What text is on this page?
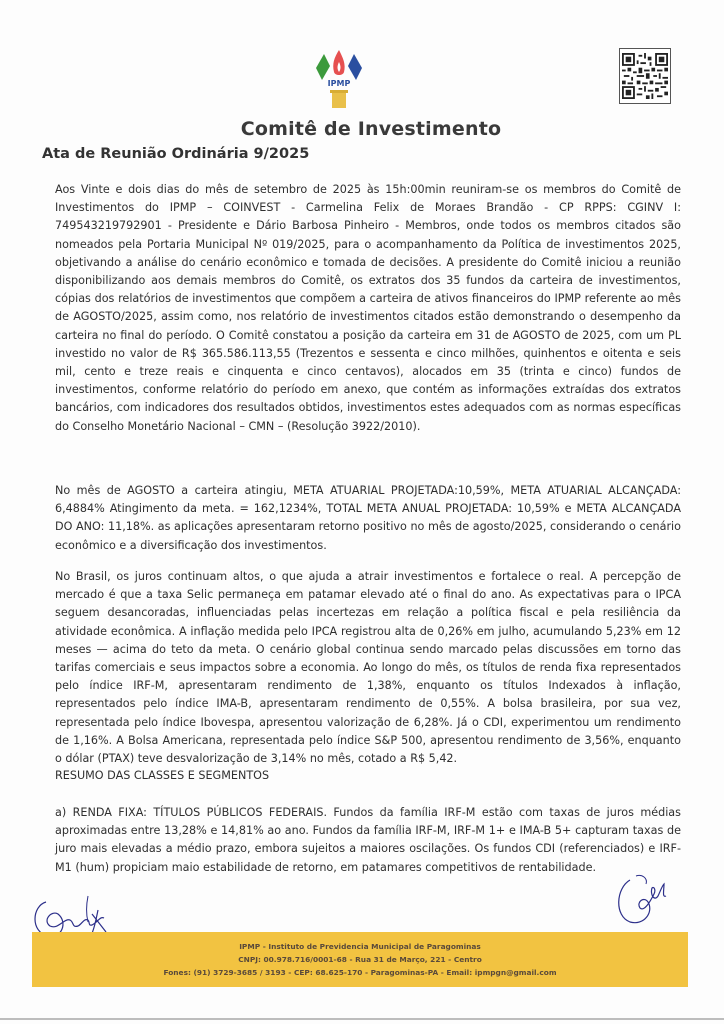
IPMP
Comitê de Investimento
Ata de Reunião Ordinária 9/2025
Aos Vinte e dois dias do mês de setembro de 2025 às 15h:00min reuniram-se os membros do Comitê de Investimentos do IPMP – COINVEST - Carmelina Felix de Moraes Brandão - CP RPPS: CGINV I: 749543219792901 - Presidente e Dário Barbosa Pinheiro - Membros, onde todos os membros citados são nomeados pela Portaria Municipal Nº 019/2025, para o acompanhamento da Política de investimentos 2025, objetivando a análise do cenário econômico e tomada de decisões. A presidente do Comitê iniciou a reunião disponibilizando aos demais membros do Comitê, os extratos dos 35 fundos da carteira de investimentos, cópias dos relatórios de investimentos que compõem a carteira de ativos financeiros do IPMP referente ao mês de AGOSTO/2025, assim como, nos relatório de investimentos citados estão demonstrando o desempenho da carteira no final do período. O Comitê constatou a posição da carteira em 31 de AGOSTO de 2025, com um PL investido no valor de R$ 365.586.113,55 (Trezentos e sessenta e cinco milhões, quinhentos e oitenta e seis mil, cento e treze reais e cinquenta e cinco centavos), alocados em 35 (trinta e cinco) fundos de investimentos, conforme relatório do período em anexo, que contém as informações extraídas dos extratos bancários, com indicadores dos resultados obtidos, investimentos estes adequados com as normas específicas do Conselho Monetário Nacional – CMN – (Resolução 3922/2010).
No mês de AGOSTO a carteira atingiu, META ATUARIAL PROJETADA:10,59%, META ATUARIAL ALCANÇADA: 6,4884% Atingimento da meta. = 162,1234%, TOTAL META ANUAL PROJETADA: 10,59% e META ALCANÇADA DO ANO: 11,18%. as aplicações apresentaram retorno positivo no mês de agosto/2025, considerando o cenário econômico e a diversificação dos investimentos.
No Brasil, os juros continuam altos, o que ajuda a atrair investimentos e fortalece o real. A percepção de mercado é que a taxa Selic permaneça em patamar elevado até o final do ano. As expectativas para o IPCA seguem desancoradas, influenciadas pelas incertezas em relação a política fiscal e pela resiliência da atividade econômica. A inflação medida pelo IPCA registrou alta de 0,26% em julho, acumulando 5,23% em 12 meses — acima do teto da meta. O cenário global continua sendo marcado pelas discussões em torno das tarifas comerciais e seus impactos sobre a economia. Ao longo do mês, os títulos de renda fixa representados pelo índice IRF-M, apresentaram rendimento de 1,38%, enquanto os títulos Indexados à inflação, representados pelo índice IMA-B, apresentaram rendimento de 0,55%. A bolsa brasileira, por sua vez, representada pelo índice Ibovespa, apresentou valorização de 6,28%. Já o CDI, experimentou um rendimento de 1,16%. A Bolsa Americana, representada pelo índice S&P 500, apresentou rendimento de 3,56%, enquanto o dólar (PTAX) teve desvalorização de 3,14% no mês, cotado a R$ 5,42.
RESUMO DAS CLASSES E SEGMENTOS
a) RENDA FIXA: TÍTULOS PÚBLICOS FEDERAIS. Fundos da família IRF-M estão com taxas de juros médias aproximadas entre 13,28% e 14,81% ao ano. Fundos da família IRF-M, IRF-M 1+ e IMA-B 5+ capturam taxas de juro mais elevadas a médio prazo, embora sujeitos a maiores oscilações. Os fundos CDI (referenciados) e IRF-M1 (hum) propiciam maio estabilidade de retorno, em patamares competitivos de rentabilidade.
IPMP - Instituto de Previdencia Municipal de Paragominas
CNPJ: 00.978.716/0001-68 - Rua 31 de Março, 221 - Centro
Fones: (91) 3729-3685 / 3193 - CEP: 68.625-170 - Paragominas-PA - Email: ipmpgn@gmail.com
